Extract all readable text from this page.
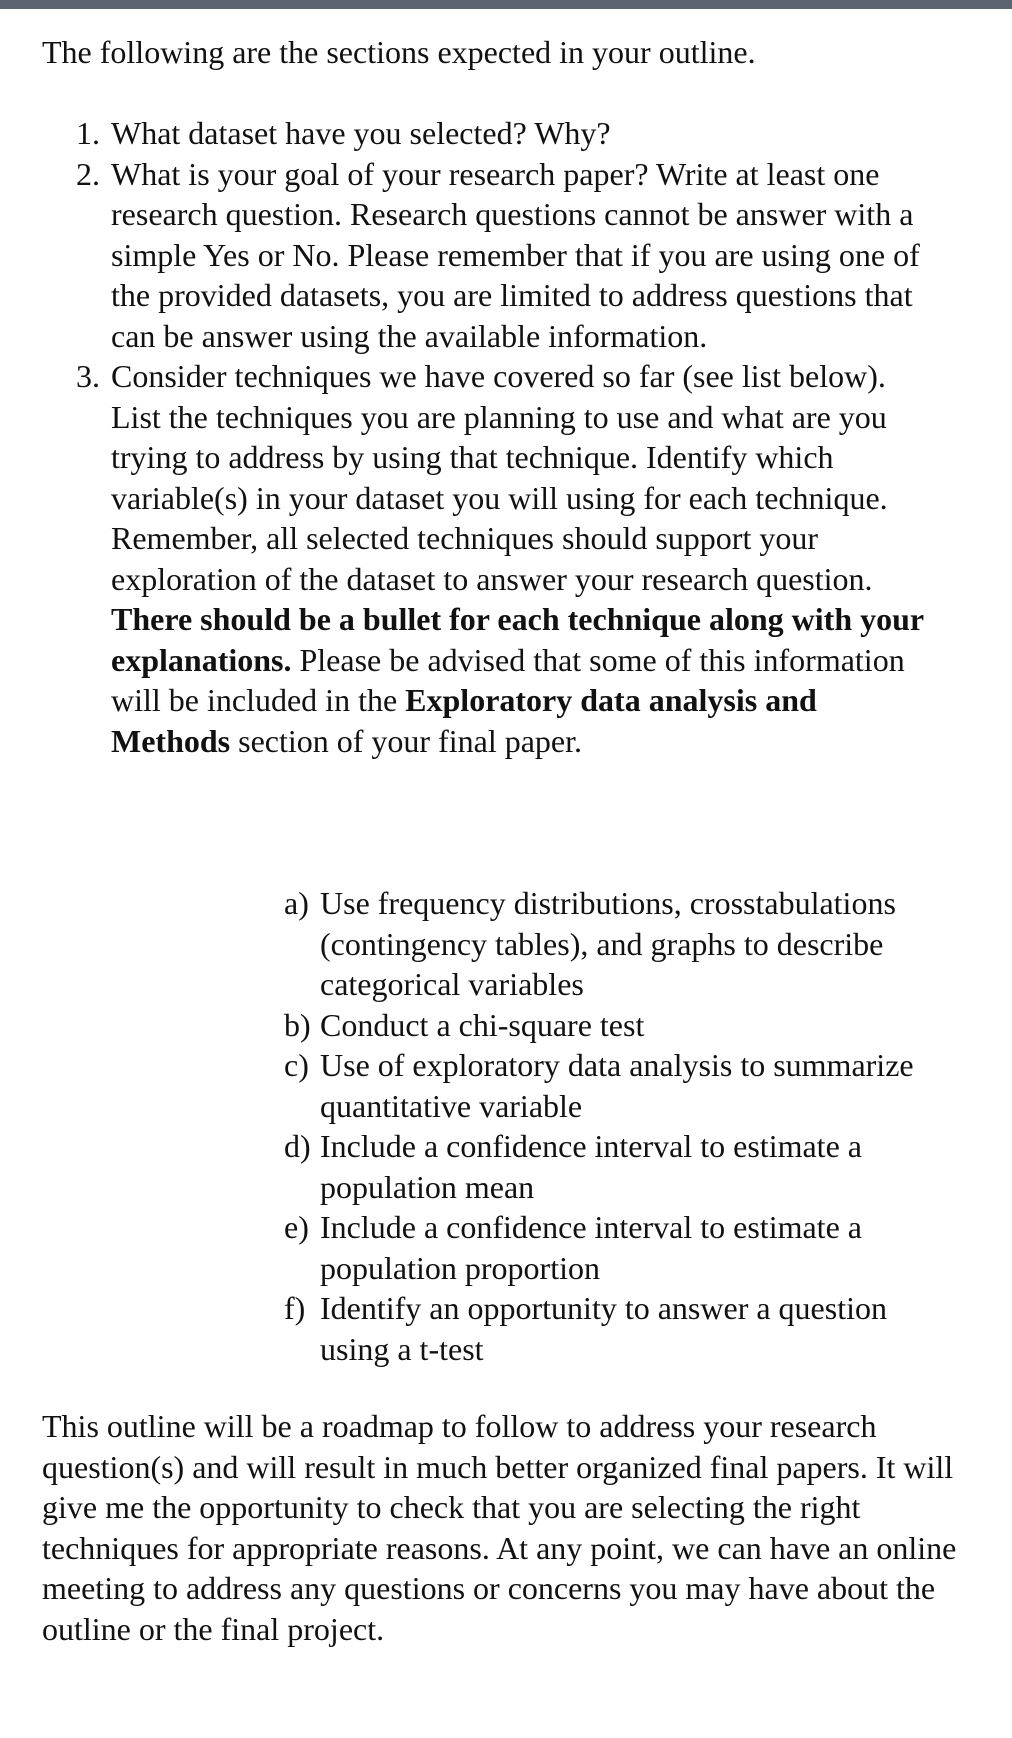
The following are the sections expected in your outline.

1. What dataset have you selected? Why?
2. What is your goal of your research paper? Write at least one research question. Research questions cannot be answer with a simple Yes or No. Please remember that if you are using one of the provided datasets, you are limited to address questions that can be answer using the available information.
3. Consider techniques we have covered so far (see list below). List the techniques you are planning to use and what are you trying to address by using that technique. Identify which variable(s) in your dataset you will using for each technique. Remember, all selected techniques should support your exploration of the dataset to answer your research question. There should be a bullet for each technique along with your explanations. Please be advised that some of this information will be included in the Exploratory data analysis and Methods section of your final paper.
a) Use frequency distributions, crosstabulations (contingency tables), and graphs to describe categorical variables
b) Conduct a chi-square test
c) Use of exploratory data analysis to summarize quantitative variable
d) Include a confidence interval to estimate a population mean
e) Include a confidence interval to estimate a population proportion
f) Identify an opportunity to answer a question using a t-test

This outline will be a roadmap to follow to address your research question(s) and will result in much better organized final papers. It will give me the opportunity to check that you are selecting the right techniques for appropriate reasons. At any point, we can have an online meeting to address any questions or concerns you may have about the outline or the final project.
